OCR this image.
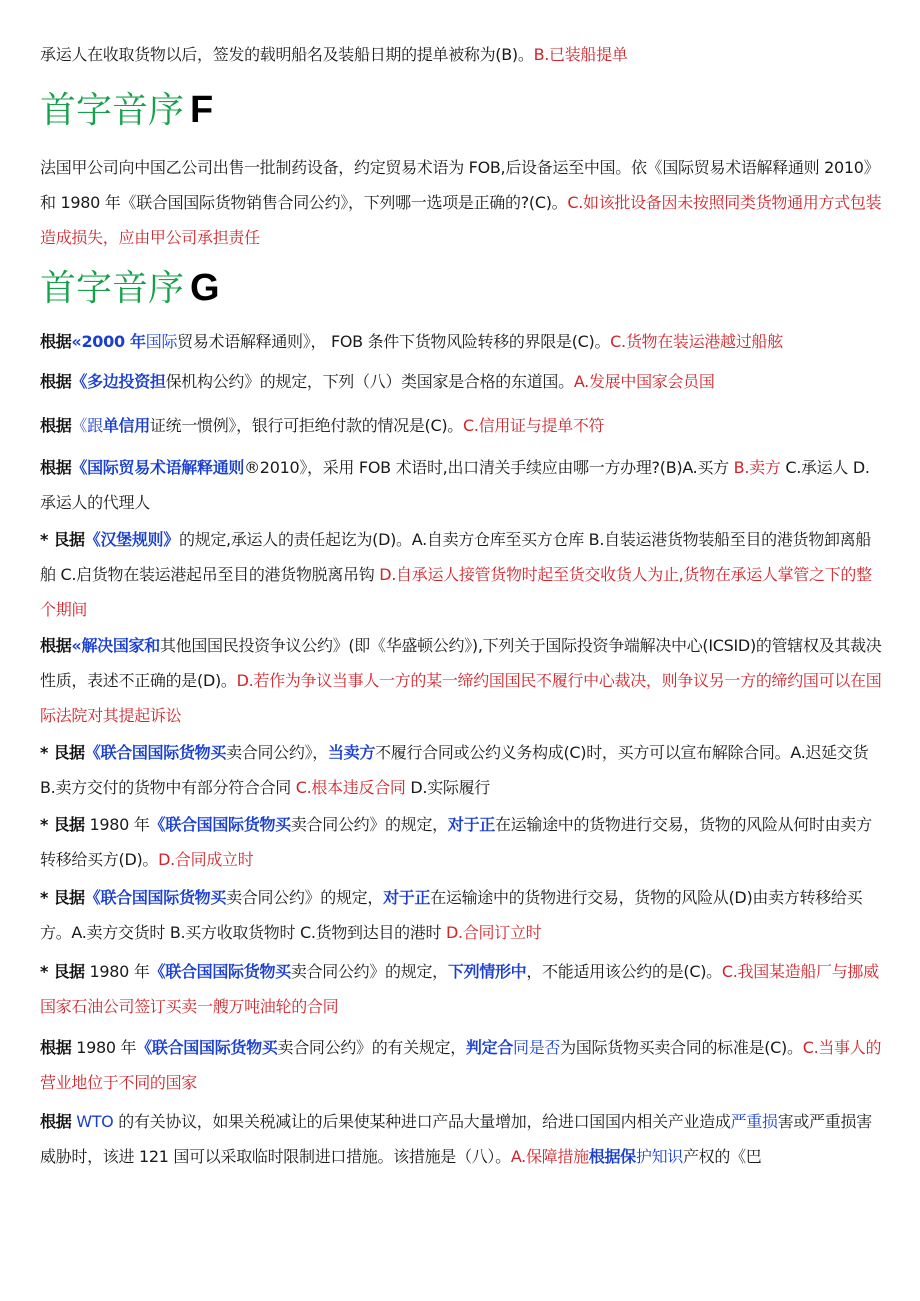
承运人在收取货物以后，签发的载明船名及装船日期的提单被称为(B)。B.已装船提单
首字音序 F
法国甲公司向中国乙公司出售一批制药设备，约定贸易术语为 FOB,后设备运至中国。依《国际贸易术语解释通则 2010》和 1980 年《联合国国际货物销售合同公约》，下列哪一选项是正确的?(C)。C.如该批设备因未按照同类货物通用方式包装造成损失，应由甲公司承担责任
首字音序 G
根据«2000 年国际贸易术语解释通则》， FOB 条件下货物风险转移的界限是(C)。C.货物在装运港越过船舷
根据《多边投资担保机构公约》的规定，下列（八）类国家是合格的东道国。A.发展中国家会员国
根据《跟单信用证统一惯例》，银行可拒绝付款的情况是(C)。C.信用证与提单不符
根据《国际贸易术语解释通则®2010》，采用 FOB 术语时,出口清关手续应由哪一方办理?(B)A.买方 B.卖方 C.承运人 D.承运人的代理人
* 艮据《汉堡规则》的规定,承运人的责任起讫为(D)。A.自卖方仓库至买方仓库 B.自装运港货物装船至目的港货物卸离船舶 C.启货物在装运港起吊至目的港货物脱离吊钩 D.自承运人接管货物时起至货交收货人为止,货物在承运人掌管之下的整个期间
根据«解决国家和其他国国民投资争议公约》(即《华盛顿公约》),下列关于国际投资争端解决中心(ICSID)的管辖权及其裁决性质，表述不正确的是(D)。D.若作为争议当事人一方的某一缔约国国民不履行中心裁决，则争议另一方的缔约国可以在国际法院对其提起诉讼
* 艮据《联合国国际货物买卖合同公约》，当卖方不履行合同或公约义务构成(C)时，买方可以宣布解除合同。A.迟延交货 B.卖方交付的货物中有部分符合合同 C.根本违反合同 D.实际履行
* 艮据 1980 年《联合国国际货物买卖合同公约》的规定，对于正在运输途中的货物进行交易，货物的风险从何时由卖方转移给买方(D)。D.合同成立时
* 艮据《联合国国际货物买卖合同公约》的规定，对于正在运输途中的货物进行交易，货物的风险从(D)由卖方转移给买方。A.卖方交货时 B.买方收取货物时 C.货物到达目的港时 D.合同订立时
* 艮据 1980 年《联合国国际货物买卖合同公约》的规定，下列情形中，不能适用该公约的是(C)。C.我国某造船厂与挪威国家石油公司签订买卖一艘万吨油轮的合同
根据 1980 年《联合国国际货物买卖合同公约》的有关规定，判定合同是否为国际货物买卖合同的标准是(C)。C.当事人的营业地位于不同的国家
根据 WTO 的有关协议，如果关税减让的后果使某种进口产品大量增加，给进口国国内相关产业造成严重损害或严重损害威胁时，该进 121 国可以采取临时限制进口措施。该措施是（八）。A.保障措施根据保护知识产权的《巴
